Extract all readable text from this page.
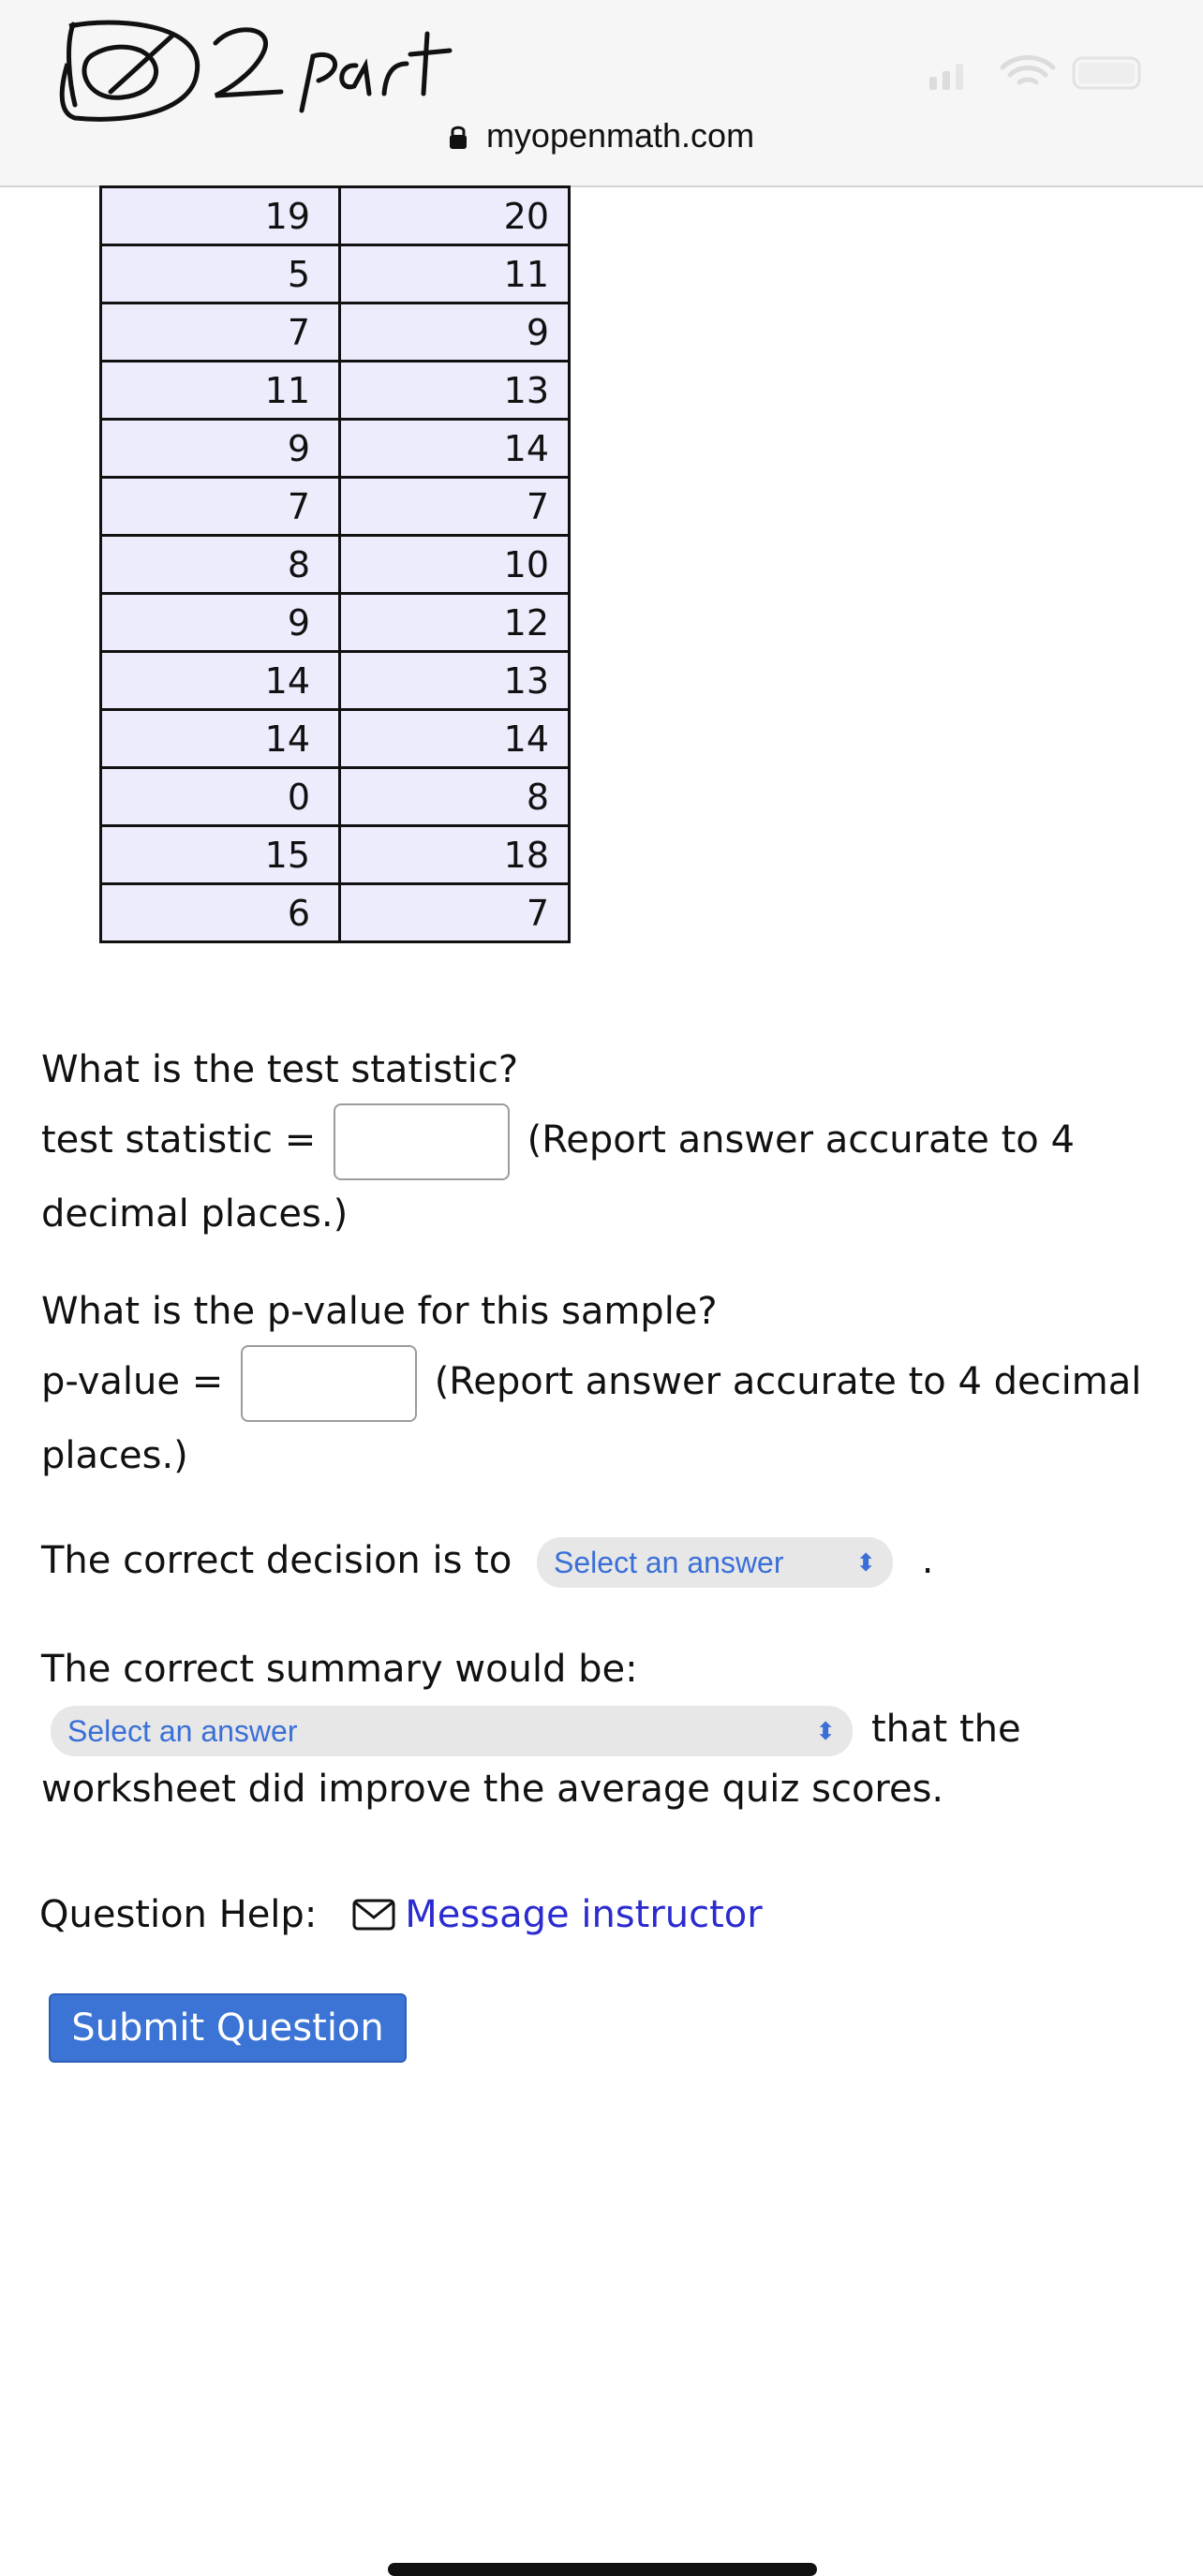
myopenmath.com
19	20
5	11
7	9
11	13
9	14
7	7
8	10
9	12
14	13
14	14
0	8
15	18
6	7
What is the test statistic?
test statistic =	(Report answer accurate to 4
decimal places.)
What is the p-value for this sample?
p-value =	(Report answer accurate to 4 decimal
places.)
The correct decision is to Select an answer	⬍ .
The correct summary would be:
Select an answer	⬍ that the
worksheet did improve the average quiz scores.
Question Help: Message instructor
Submit Question
